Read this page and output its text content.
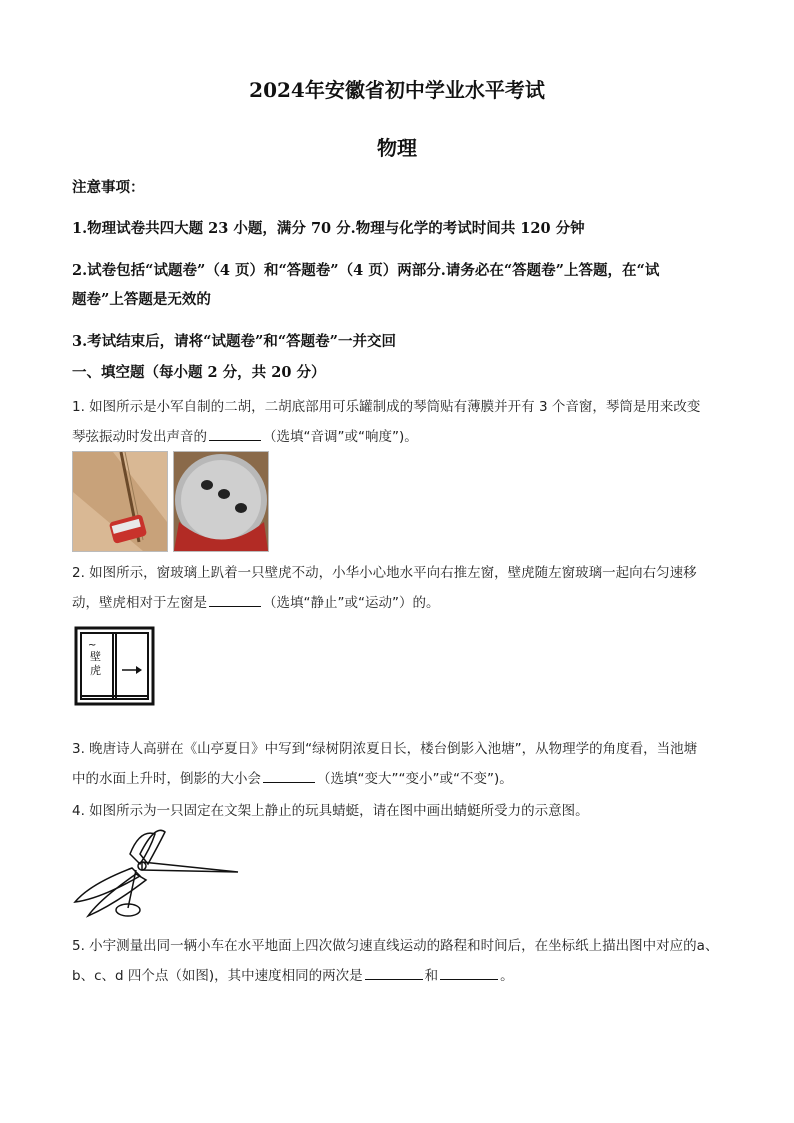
2024年安徽省初中学业水平考试
物理
注意事项：
1.物理试卷共四大题 23 小题，满分 70 分.物理与化学的考试时间共 120 分钟
2.试卷包括“试题卷”（4 页）和“答题卷”（4 页）两部分.请务必在“答题卷”上答题，在“试
题卷”上答题是无效的
3.考试结束后，请将“试题卷”和“答题卷”一并交回
一、填空题（每小题 2 分，共 20 分）
1. 如图所示是小军自制的二胡，二胡底部用可乐罐制成的琴筒贴有薄膜并开有 3 个音窗，琴筒是用来改变
琴弦振动时发出声音的	（选填“音调”或“响度”)。
2. 如图所示，窗玻璃上趴着一只壁虎不动，小华小心地水平向右推左窗，壁虎随左窗玻璃一起向右匀速移
动，壁虎相对于左窗是	（选填“静止”或“运动”）的。
~
壁
虎
3. 晚唐诗人高骈在《山亭夏日》中写到“绿树阴浓夏日长，楼台倒影入池塘”，从物理学的角度看，当池塘
中的水面上升时，倒影的大小会	（选填“变大”“变小”或“不变”)。
4. 如图所示为一只固定在文架上静止的玩具蜻蜓，请在图中画出蜻蜓所受力的示意图。
5. 小宇测量出同一辆小车在水平地面上四次做匀速直线运动的路程和时间后，在坐标纸上描出图中对应的a、
b、c、d 四个点（如图)，其中速度相同的两次是	和	。
